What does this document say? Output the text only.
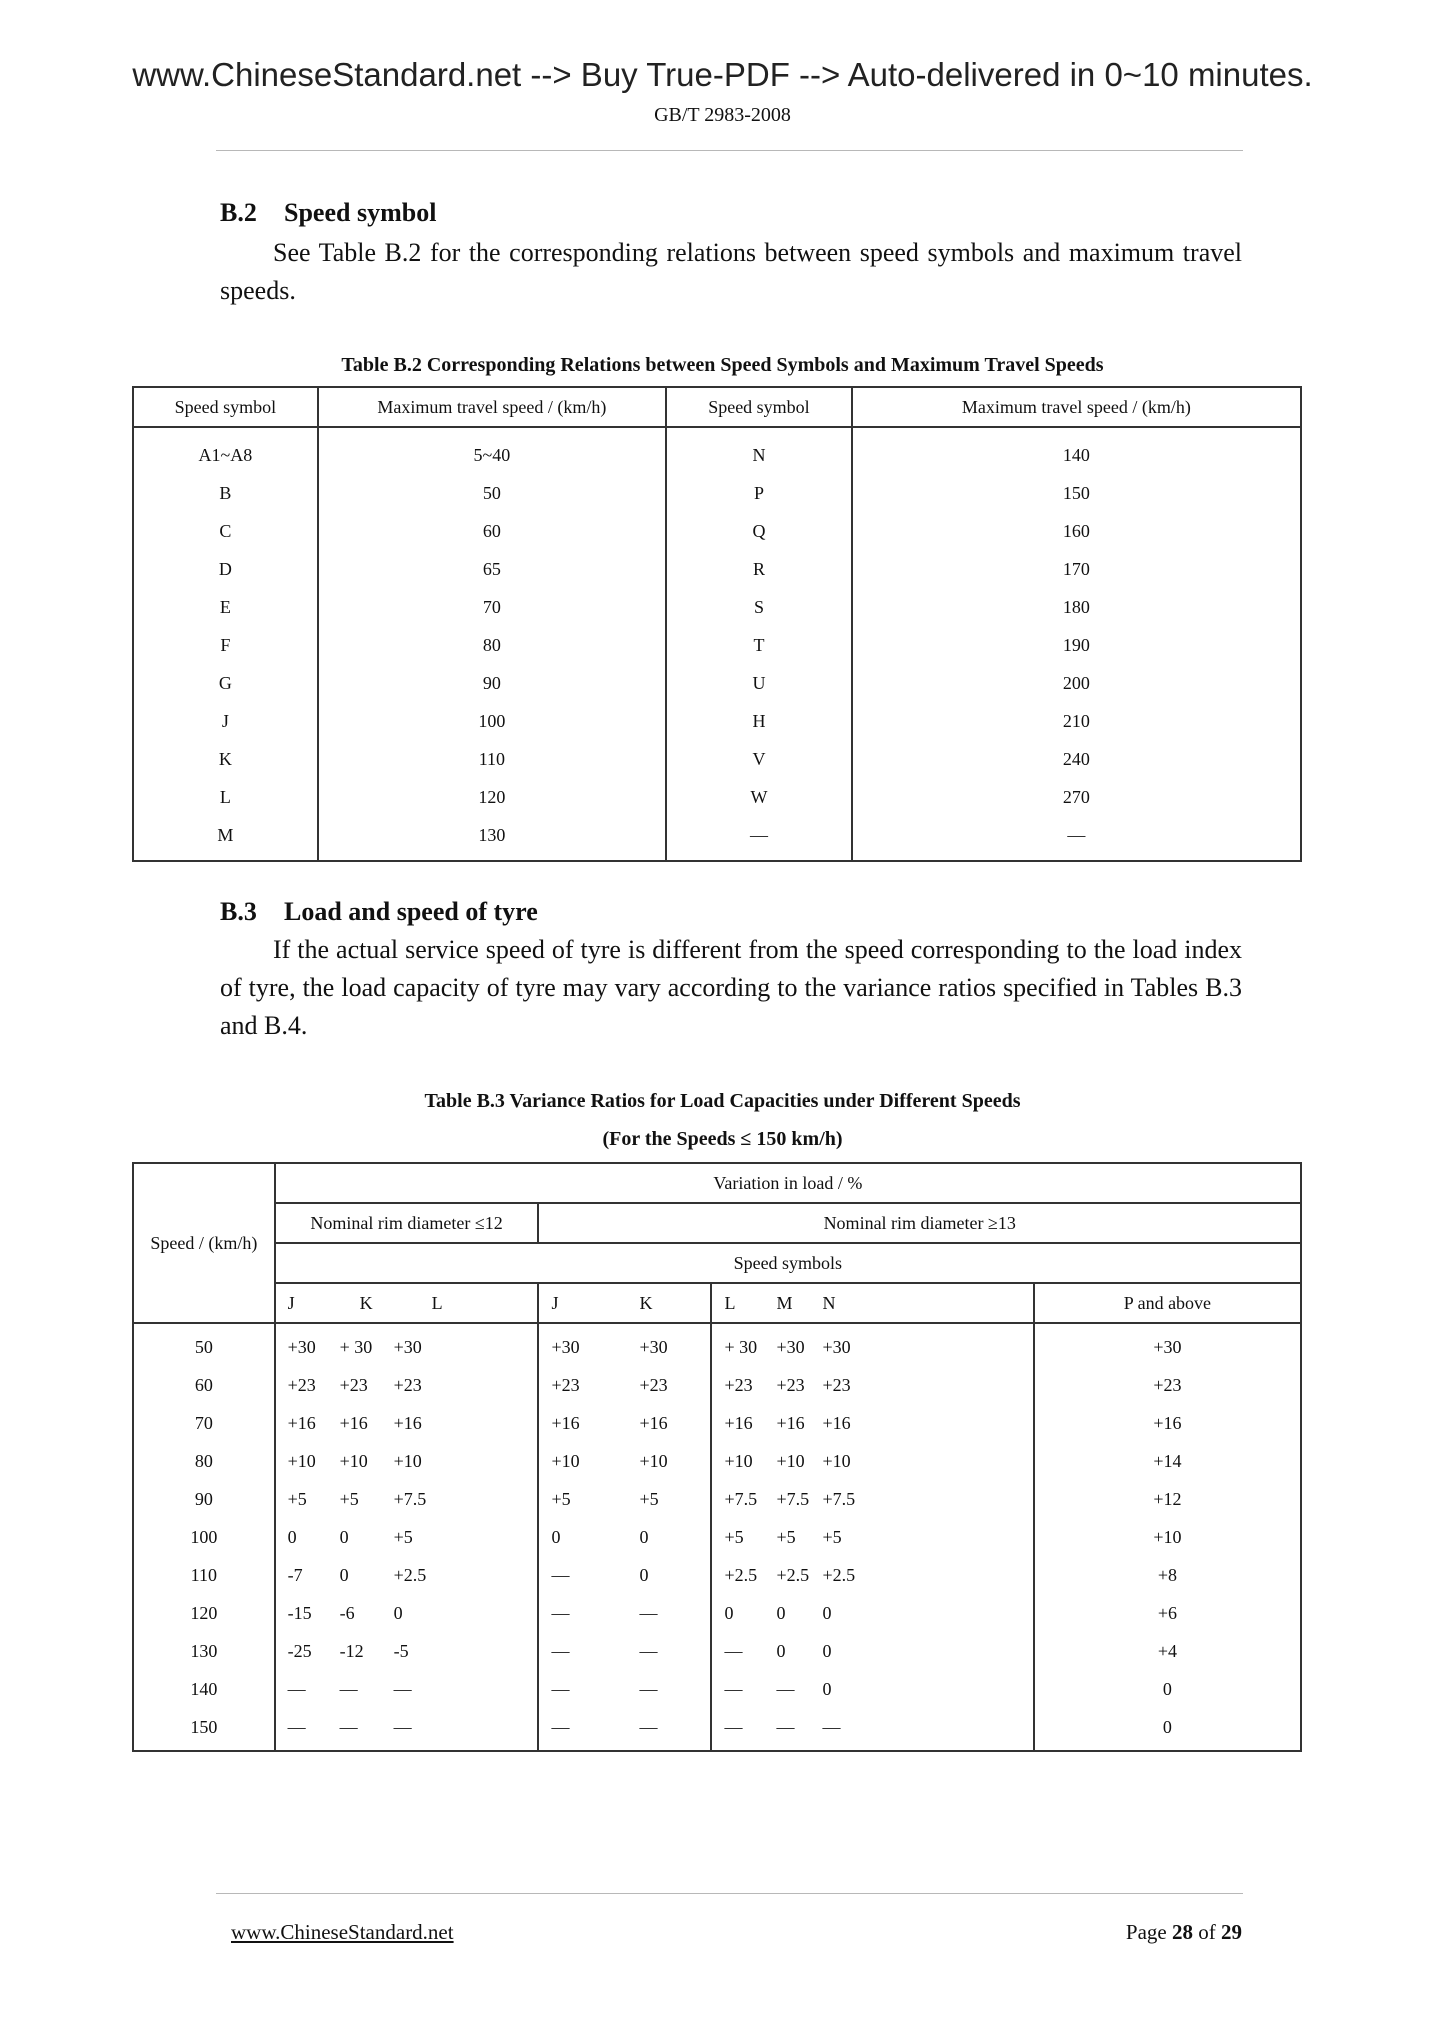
www.ChineseStandard.net --> Buy True-PDF --> Auto-delivered in 0~10 minutes.
GB/T 2983-2008
B.2 Speed symbol
See Table B.2 for the corresponding relations between speed symbols and maximum travel speeds.
Table B.2 Corresponding Relations between Speed Symbols and Maximum Travel Speeds
Speed symbol	Maximum travel speed / (km/h)	Speed symbol	Maximum travel speed / (km/h)
A1~A8	5~40	N	140
B	50	P	150
C	60	Q	160
D	65	R	170
E	70	S	180
F	80	T	190
G	90	U	200
J	100	H	210
K	110	V	240
L	120	W	270
M	130	—	—
B.3 Load and speed of tyre
If the actual service speed of tyre is different from the speed corresponding to the load index of tyre, the load capacity of tyre may vary according to the variance ratios specified in Tables B.3 and B.4.
Table B.3 Variance Ratios for Load Capacities under Different Speeds
(For the Speeds ≤ 150 km/h)
Speed / (km/h)	Variation in load / %			
	Nominal rim diameter ≤12	Nominal rim diameter ≥13		
	Speed symbols			

	J K L	J K	L M N	P and above
50	+30 + 30 +30	+30 +30	+ 30 +30 +30	+30
60	+23 +23 +23	+23 +23	+23 +23 +23	+23
70	+16 +16 +16	+16 +16	+16 +16 +16	+16
80	+10 +10 +10	+10 +10	+10 +10 +10	+14
90	+5 +5 +7.5	+5 +5	+7.5 +7.5 +7.5	+12
100	0 0 +5	0 0	+5 +5 +5	+10
110	-7 0 +2.5	— 0	+2.5 +2.5 +2.5	+8
120	-15 -6 0	— —	0 0 0	+6
130	-25 -12 -5	— —	— 0 0	+4
140	— — —	— —	— — 0	0
150	— — —	— —	— — —	0
www.ChineseStandard.net	Page 28 of 29
